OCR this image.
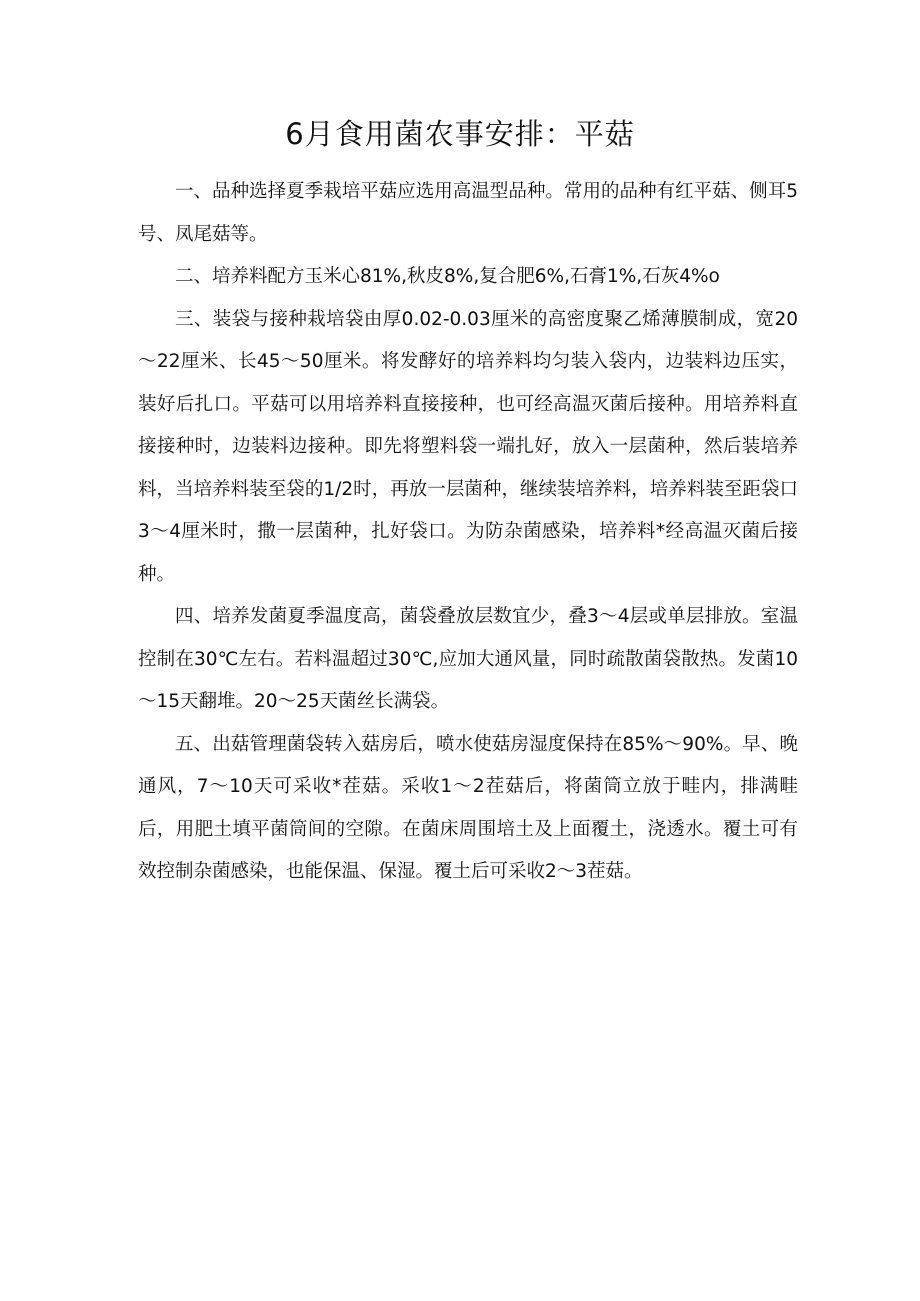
6月食用菌农事安排：平菇

一、品种选择夏季栽培平菇应选用高温型品种。常用的品种有红平菇、侧耳5号、凤尾菇等。

二、培养料配方玉米心81%,秋皮8%,复合肥6%,石膏1%,石灰4%o

三、装袋与接种栽培袋由厚0.02-0.03厘米的高密度聚乙烯薄膜制成，宽20～22厘米、长45～50厘米。将发酵好的培养料均匀装入袋内，边装料边压实，装好后扎口。平菇可以用培养料直接接种，也可经高温灭菌后接种。用培养料直接接种时，边装料边接种。即先将塑料袋一端扎好，放入一层菌种，然后装培养料，当培养料装至袋的1/2时，再放一层菌种，继续装培养料，培养料装至距袋口3～4厘米时，撒一层菌种，扎好袋口。为防杂菌感染，培养料*经高温灭菌后接种。

四、培养发菌夏季温度高，菌袋叠放层数宜少，叠3～4层或单层排放。室温控制在30℃左右。若料温超过30℃,应加大通风量，同时疏散菌袋散热。发菌10～15天翻堆。20～25天菌丝长满袋。

五、出菇管理菌袋转入菇房后，喷水使菇房湿度保持在85%～90%。早、晚通风，7～10天可采收*茬菇。采收1～2茬菇后，将菌筒立放于畦内，排满畦后，用肥土填平菌筒间的空隙。在菌床周围培土及上面覆土，浇透水。覆土可有效控制杂菌感染，也能保温、保湿。覆土后可采收2～3茬菇。
